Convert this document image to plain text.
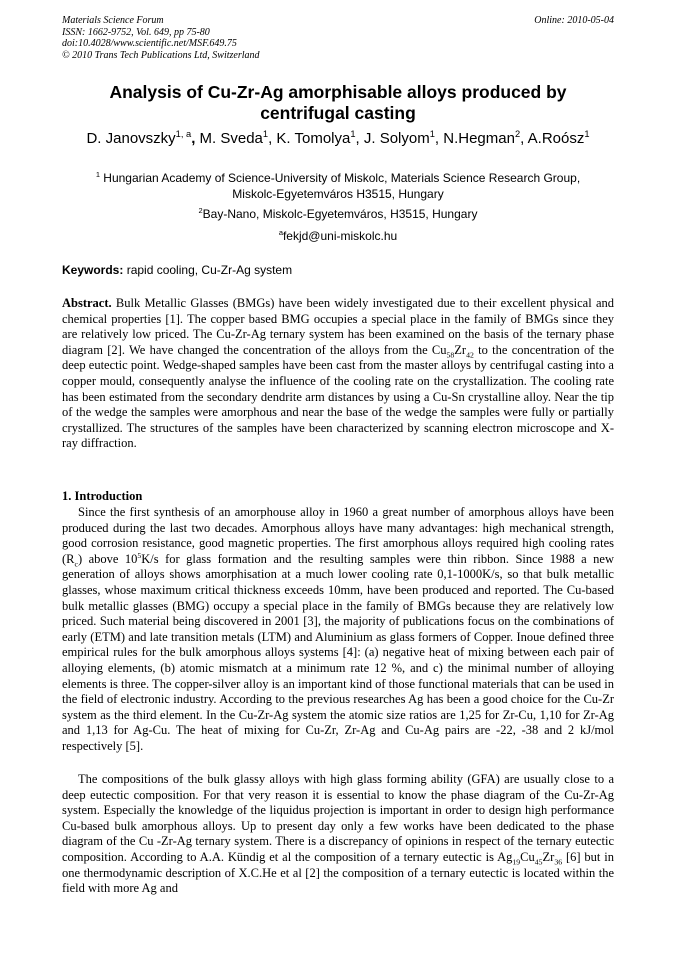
Materials Science Forum
ISSN: 1662-9752, Vol. 649, pp 75-80
doi:10.4028/www.scientific.net/MSF.649.75
© 2010 Trans Tech Publications Ltd, Switzerland
Online: 2010-05-04
Analysis of Cu-Zr-Ag amorphisable alloys produced by
centrifugal casting
D. Janovszky$^{1, a}$, M. Sveda$^1$, K. Tomolya$^1$, J. Solyom$^1$, N.Hegman$^2$, A.Roósz$^1$
$^1$ Hungarian Academy of Science-University of Miskolc, Materials Science Research Group,
Miskolc-Egyetemváros H3515, Hungary
$^2$Bay-Nano, Miskolc-Egyetemváros, H3515, Hungary
$^a$fekjd@uni-miskolc.hu
Keywords: rapid cooling, Cu-Zr-Ag system
Abstract. Bulk Metallic Glasses (BMGs) have been widely investigated due to their excellent physical and chemical properties [1]. The copper based BMG occupies a special place in the family of BMGs since they are relatively low priced. The Cu-Zr-Ag ternary system has been examined on the basis of the ternary phase diagram [2]. We have changed the concentration of the alloys from the $Cu_{58}Zr_{42}$ to the concentration of the deep eutectic point. Wedge-shaped samples have been cast from the master alloys by centrifugal casting into a copper mould, consequently analyse the influence of the cooling rate on the crystallization. The cooling rate has been estimated from the secondary dendrite arm distances by using a Cu-Sn crystalline alloy. Near the tip of the wedge the samples were amorphous and near the base of the wedge the samples were fully or partially crystallized. The structures of the samples have been characterized by scanning electron microscope and X-ray diffraction.
1. Introduction
Since the first synthesis of an amorphouse alloy in 1960 a great number of amorphous alloys have been produced during the last two decades. Amorphous alloys have many advantages: high mechanical strength, good corrosion resistance, good magnetic properties. The first amorphous alloys required high cooling rates $(R_c)$ above $10^5K/s$ for glass formation and the resulting samples were thin ribbon. Since 1988 a new generation of alloys shows amorphisation at a much lower cooling rate 0,1-1000K/s, so that bulk metallic glasses, whose maximum critical thickness exceeds 10mm, have been produced and reported. The Cu-based bulk metallic glasses (BMG) occupy a special place in the family of BMGs because they are relatively low priced. Such material being discovered in 2001 [3], the majority of publications focus on the combinations of early (ETM) and late transition metals (LTM) and Aluminium as glass formers of Copper. Inoue defined three empirical rules for the bulk amorphous alloys systems [4]: (a) negative heat of mixing between each pair of alloying elements, (b) atomic mismatch at a minimum rate 12 %, and c) the minimal number of alloying elements is three. The copper-silver alloy is an important kind of those functional materials that can be used in the field of electronic industry. According to the previous researches Ag has been a good choice for the Cu-Zr system as the third element. In the Cu-Zr-Ag system the atomic size ratios are 1,25 for Zr-Cu, 1,10 for Zr-Ag and 1,13 for Ag-Cu. The heat of mixing for Cu-Zr, Zr-Ag and Cu-Ag pairs are -22, -38 and 2 kJ/mol respectively [5].
The compositions of the bulk glassy alloys with high glass forming ability (GFA) are usually close to a deep eutectic composition. For that very reason it is essential to know the phase diagram of the Cu-Zr-Ag system. Especially the knowledge of the liquidus projection is important in order to design high performance Cu-based bulk amorphous alloys. Up to present day only a few works have been dedicated to the phase diagram of the Cu -Zr-Ag ternary system. There is a discrepancy of opinions in respect of the ternary eutectic composition. According to A.A. Kündig et al the composition of a ternary eutectic is $Ag_{19}Cu_{45}Zr_{36}$ [6] but in one thermodynamic description of X.C.He et al [2] the composition of a ternary eutectic is located within the field with more Ag and
